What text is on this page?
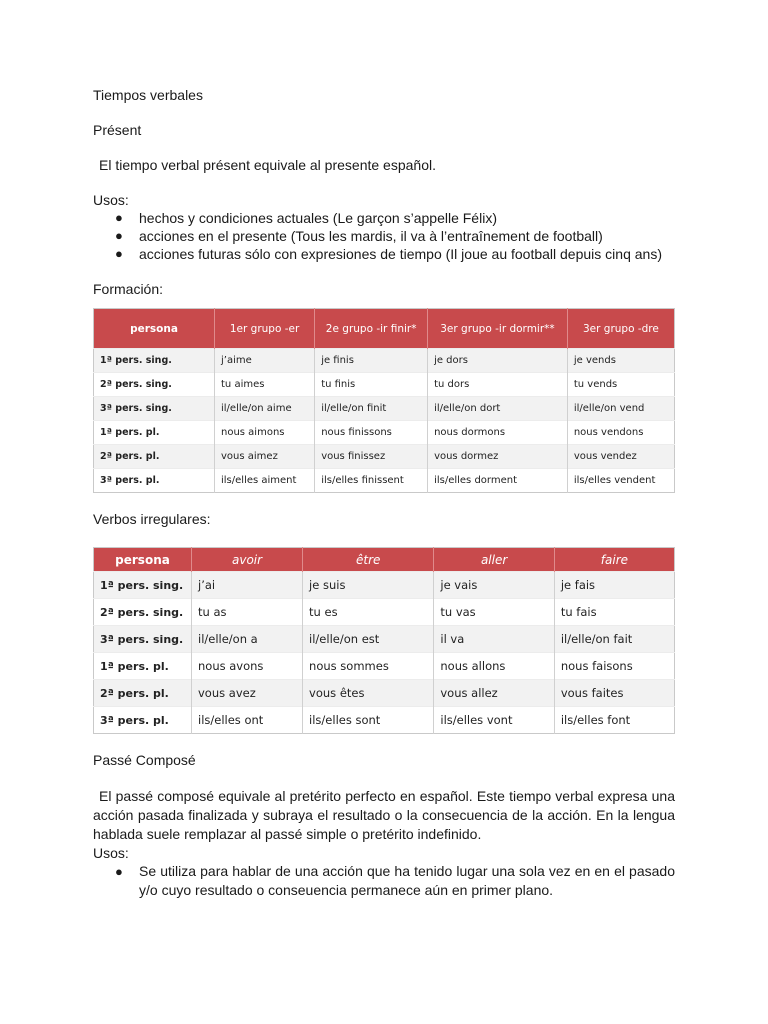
Tiempos verbales
Présent
El tiempo verbal présent equivale al presente español.
Usos:
● hechos y condiciones actuales (Le garçon s’appelle Félix)
● acciones en el presente (Tous les mardis, il va à l’entraînement de football)
● acciones futuras sólo con expresiones de tiempo (Il joue au football depuis cinq ans)
Formación:
persona	1er grupo -er	2e grupo -ir finir*	3er grupo -ir dormir**	3er grupo -dre
1ª pers. sing.	j’aime	je finis	je dors	je vends
2ª pers. sing.	tu aimes	tu finis	tu dors	tu vends
3ª pers. sing.	il/elle/on aime	il/elle/on finit	il/elle/on dort	il/elle/on vend
1ª pers. pl.	nous aimons	nous finissons	nous dormons	nous vendons
2ª pers. pl.	vous aimez	vous finissez	vous dormez	vous vendez
3ª pers. pl.	ils/elles aiment	ils/elles finissent	ils/elles dorment	ils/elles vendent
Verbos irregulares:
persona	avoir	être	aller	faire
1ª pers. sing.	j’ai	je suis	je vais	je fais
2ª pers. sing.	tu as	tu es	tu vas	tu fais
3ª pers. sing.	il/elle/on a	il/elle/on est	il va	il/elle/on fait
1ª pers. pl.	nous avons	nous sommes	nous allons	nous faisons
2ª pers. pl.	vous avez	vous êtes	vous allez	vous faites
3ª pers. pl.	ils/elles ont	ils/elles sont	ils/elles vont	ils/elles font
Passé Composé
El passé composé equivale al pretérito perfecto en español. Este tiempo verbal expresa una acción pasada finalizada y subraya el resultado o la consecuencia de la acción. En la lengua hablada suele remplazar al passé simple o pretérito indefinido.
Usos:
● Se utiliza para hablar de una acción que ha tenido lugar una sola vez en en el pasado y/o cuyo resultado o conseuencia permanece aún en primer plano.
